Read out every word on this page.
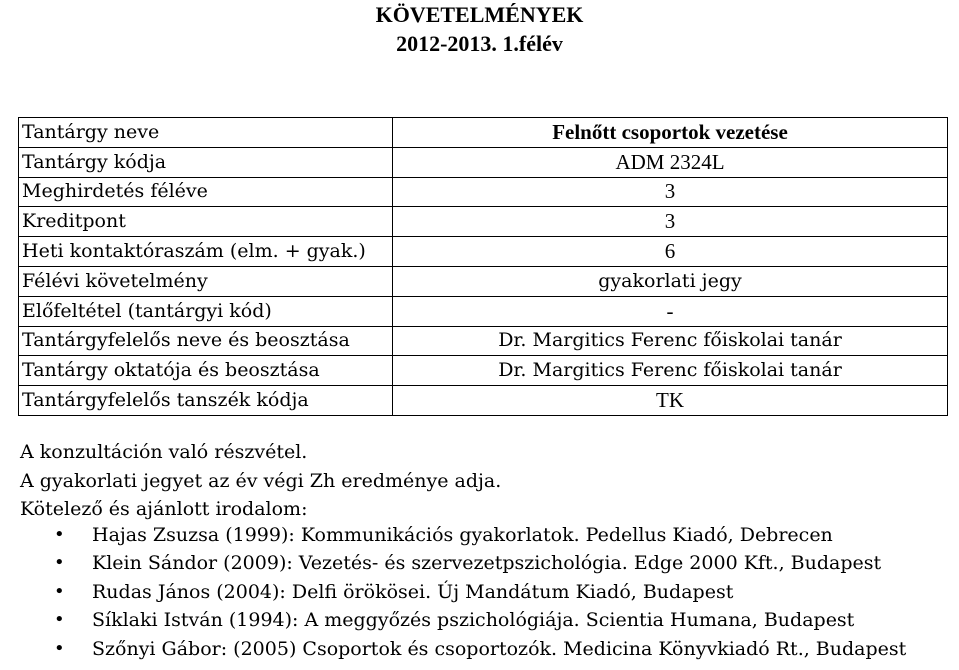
KÖVETELMÉNYEK
2012-2013. 1.félév
Tantárgy neve	Felnőtt csoportok vezetése
Tantárgy kódja	ADM 2324L
Meghirdetés féléve	3
Kreditpont	3
Heti kontaktóraszám (elm. + gyak.)	6
Félévi követelmény	gyakorlati jegy
Előfeltétel (tantárgyi kód)	-
Tantárgyfelelős neve és beosztása	Dr. Margitics Ferenc főiskolai tanár
Tantárgy oktatója és beosztása	Dr. Margitics Ferenc főiskolai tanár
Tantárgyfelelős tanszék kódja	TK
A konzultáción való részvétel.
A gyakorlati jegyet az év végi Zh eredménye adja.
Kötelező és ajánlott irodalom:
• Hajas Zsuzsa (1999): Kommunikációs gyakorlatok. Pedellus Kiadó, Debrecen
• Klein Sándor (2009): Vezetés- és szervezetpszichológia. Edge 2000 Kft., Budapest
• Rudas János (2004): Delfi örökösei. Új Mandátum Kiadó, Budapest
• Síklaki István (1994): A meggyőzés pszichológiája. Scientia Humana, Budapest
• Szőnyi Gábor: (2005) Csoportok és csoportozók. Medicina Könyvkiadó Rt., Budapest
